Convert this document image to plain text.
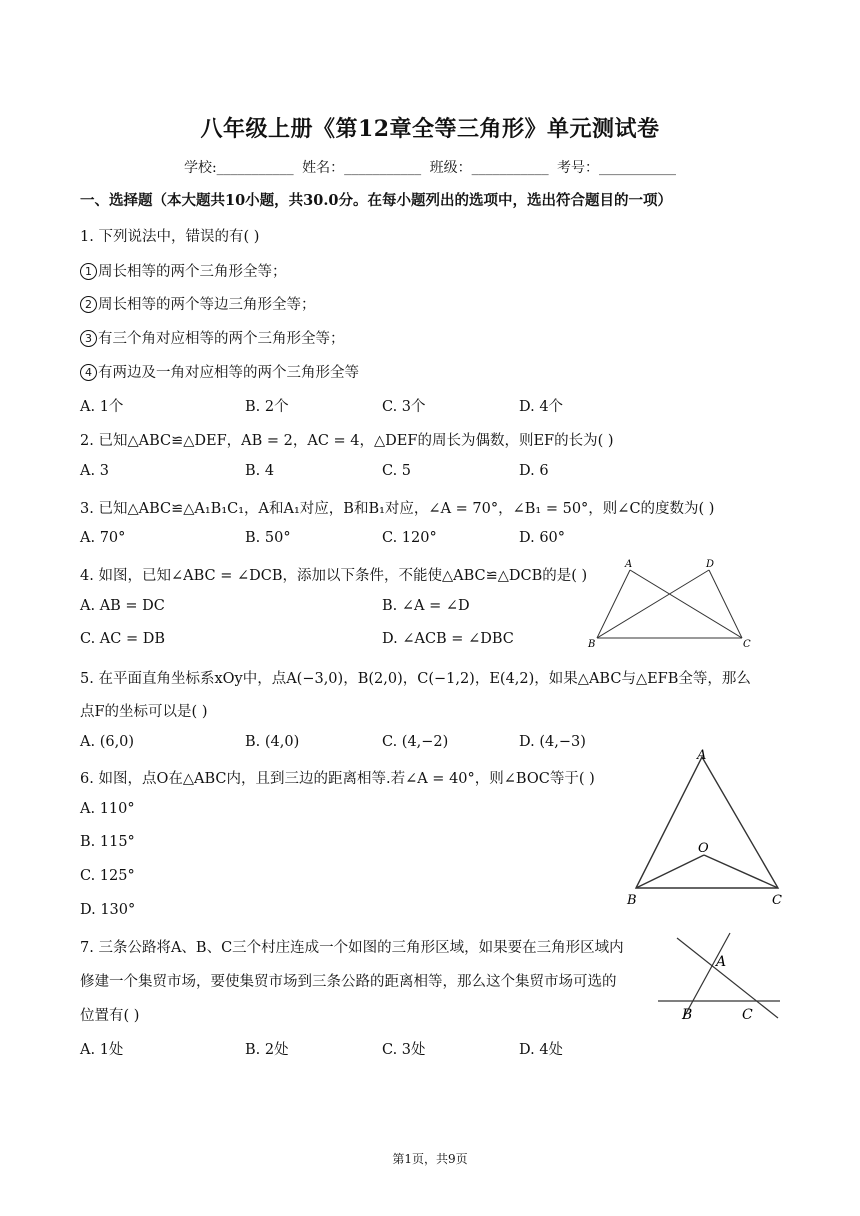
八年级上册《第12章全等三角形》单元测试卷
学校:___________ 姓名：___________ 班级：___________ 考号：___________
一、选择题（本大题共10小题，共30.0分。在每小题列出的选项中，选出符合题目的一项）
1. 下列说法中，错误的有( )
1 周长相等的两个三角形全等；
2 周长相等的两个等边三角形全等；
3 有三个角对应相等的两个三角形全等；
4 有两边及一角对应相等的两个三角形全等
A. 1个	B. 2个	C. 3个	D. 4个
2. 已知△ABC≌△DEF，AB = 2，AC = 4，△DEF的周长为偶数，则EF的长为( )
A. 3	B. 4	C. 5	D. 6
3. 已知△ABC≌△A₁B₁C₁，A和A₁对应，B和B₁对应，∠A = 70°，∠B₁ = 50°，则∠C的度数为( )
A. 70°	B. 50°	C. 120°	D. 60°
4. 如图，已知∠ABC = ∠DCB，添加以下条件，不能使△ABC≌△DCB的是( )
A. AB = DC	B. ∠A = ∠D
C. AC = DB	D. ∠ACB = ∠DBC
A	D
B	C
5. 在平面直角坐标系xOy中，点A(−3,0)，B(2,0)，C(−1,2)，E(4,2)，如果△ABC与△EFB全等，那么
点F的坐标可以是( )
A. (6,0)	B. (4,0)	C. (4,−2)	D. (4,−3)
6. 如图，点O在△ABC内，且到三边的距离相等.若∠A = 40°，则∠BOC等于( )
A. 110°
B. 115°
C. 125°
D. 130°
A
O
B	C
7. 三条公路将A、B、C三个村庄连成一个如图的三角形区域，如果要在三角形区域内
修建一个集贸市场，要使集贸市场到三条公路的距离相等，那么这个集贸市场可选的
位置有( )
A. 1处	B. 2处	C. 3处	D. 4处
A
B	C
第1页，共9页
